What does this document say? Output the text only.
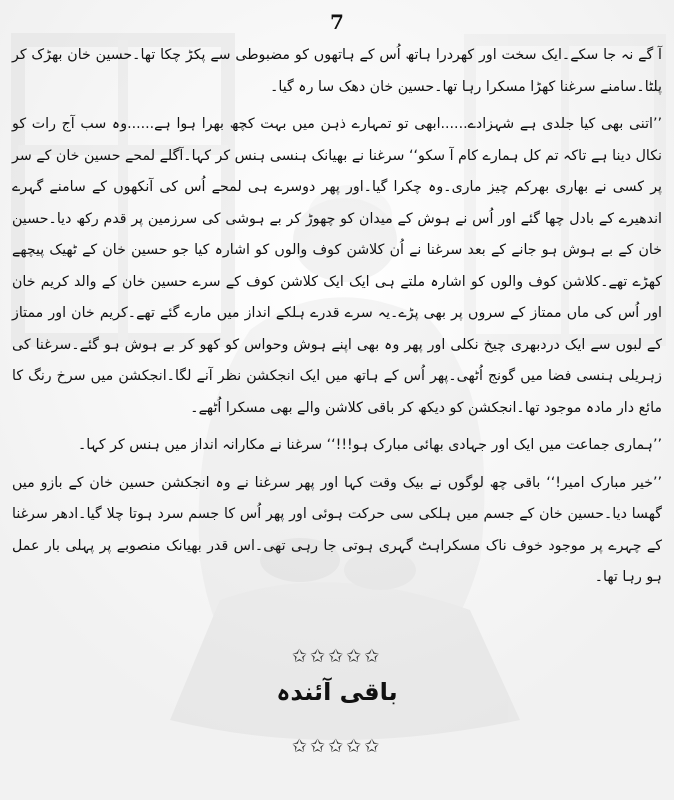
7

آ گے نہ جا سکے۔ایک سخت اور کھردرا ہاتھ اُس کے ہاتھوں کو مضبوطی سے پکڑ چکا تھا۔حسین خان بھڑک کر پلٹا۔سامنے سرغنا کھڑا مسکرا رہا تھا۔حسین خان دھک سا رہ گیا۔

’’اتنی بھی کیا جلدی ہے شہزادے......ابھی تو تمہارے ذہن میں بہت کچھ بھرا ہوا ہے......وہ سب آج رات کو نکال دینا ہے تاکہ تم کل ہمارے کام آ سکو‘‘ سرغنا نے بھیانک ہنسی ہنس کر کہا۔آگلے لمحے حسین خان کے سر پر کسی نے بھاری بھرکم چیز ماری۔وہ چکرا گیا۔اور پھر دوسرے ہی لمحے اُس کی آنکھوں کے سامنے گہرے اندھیرے کے بادل چھا گئے اور اُس نے ہوش کے میدان کو چھوڑ کر بے ہوشی کی سرزمین پر قدم رکھ دیا۔حسین خان کے بے ہوش ہو جانے کے بعد سرغنا نے اُن کلاشن کوف والوں کو اشارہ کیا جو حسین خان کے ٹھیک پیچھے کھڑے تھے۔کلاشن کوف والوں کو اشارہ ملتے ہی ایک ایک کلاشن کوف کے سرے حسین خان کے والد کریم خان اور اُس کی ماں ممتاز کے سروں پر بھی پڑے۔یہ سرے قدرے ہلکے انداز میں مارے گئے تھے۔کریم خان اور ممتاز کے لبوں سے ایک دردبھری چیخ نکلی اور پھر وہ بھی اپنے ہوش وحواس کو کھو کر بے ہوش ہو گئے۔سرغنا کی زہریلی ہنسی فضا میں گونج اُٹھی۔پھر اُس کے ہاتھ میں ایک انجکشن نظر آنے لگا۔انجکشن میں سرخ رنگ کا مائع دار مادہ موجود تھا۔انجکشن کو دیکھ کر باقی کلاشن والے بھی مسکرا اُٹھے۔

’’ہماری جماعت میں ایک اور جہادی بھائی مبارک ہو!!!‘‘ سرغنا نے مکارانہ انداز میں ہنس کر کہا۔

’’خیر مبارک امیر!‘‘ باقی چھ لوگوں نے بیک وقت کہا اور پھر سرغنا نے وہ انجکشن حسین خان کے بازو میں گھسا دیا۔حسین خان کے جسم میں ہلکی سی حرکت ہوئی اور پھر اُس کا جسم سرد ہوتا چلا گیا۔ادھر سرغنا کے چہرے پر موجود خوف ناک مسکراہٹ گہری ہوتی جا رہی تھی۔اس قدر بھیانک منصوبے پر پہلی بار عمل ہو رہا تھا۔

✩✩✩✩✩
باقی آئندہ
✩✩✩✩✩
